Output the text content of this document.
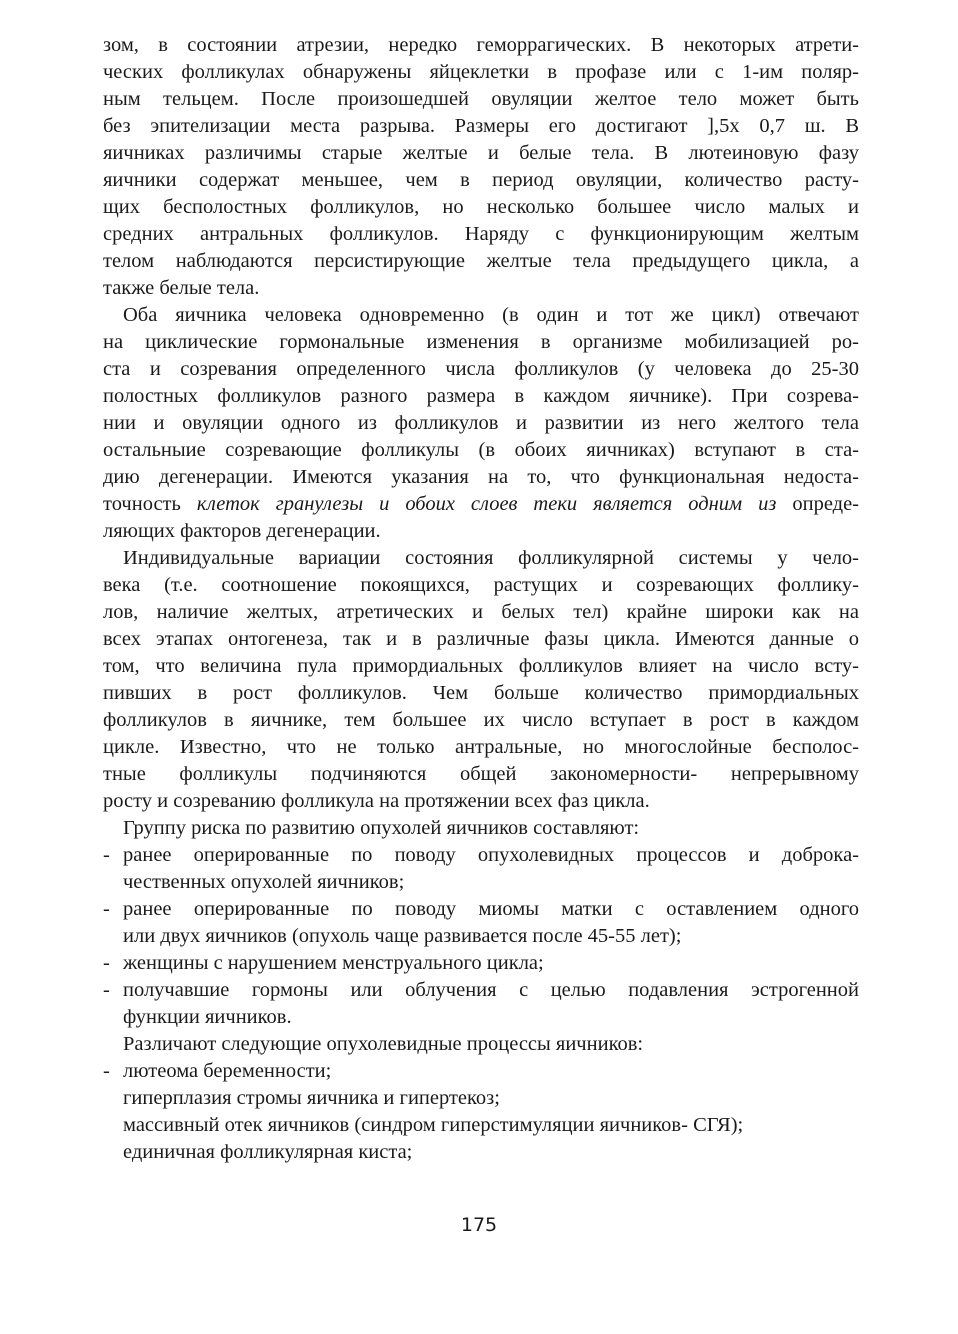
зом, в состоянии атрезии, нередко геморрагических. В некоторых атрети-
ческих фолликулах обнаружены яйцеклетки в профазе или с 1-им поляр-
ным тельцем. После произошедшей овуляции желтое тело может быть
без эпителизации места разрыва. Размеры его достигают ],5х 0,7 ш. В
яичниках различимы старые желтые и белые тела. В лютеиновую фазу
яичники содержат меньшее, чем в период овуляции, количество расту-
щих бесполостных фолликулов, но несколько большее число малых и
средних антральных фолликулов. Наряду с функционирующим желтым
телом наблюдаются персистирующие желтые тела предыдущего цикла, а
также белые тела.
Оба яичника человека одновременно (в один и тот же цикл) отвечают
на циклические гормональные изменения в организме мобилизацией ро-
ста и созревания определенного числа фолликулов (у человека до 25-30
полостных фолликулов разного размера в каждом яичнике). При созрева-
нии и овуляции одного из фолликулов и развитии из него желтого тела
остальныие созревающие фолликулы (в обоих яичниках) вступают в ста-
дию дегенерации. Имеются указания на то, что функциональная недоста-
точность клеток гранулезы и обоих слоев теки является одним из опреде-
ляющих факторов дегенерации.
Индивидуальные вариации состояния фолликулярной системы у чело-
века (т.е. соотношение покоящихся, растущих и созревающих фоллику-
лов, наличие желтых, атретических и белых тел) крайне широки как на
всех этапах онтогенеза, так и в различные фазы цикла. Имеются данные о
том, что величина пула примордиальных фолликулов влияет на число всту-
пивших в рост фолликулов. Чем больше количество примордиальных
фолликулов в яичнике, тем большее их число вступает в рост в каждом
цикле. Известно, что не только антральные, но многослойные бесполос-
тные фолликулы подчиняются общей закономерности- непрерывному
росту и созреванию фолликула на протяжении всех фаз цикла.
Группу риска по развитию опухолей яичников составляют:
- ранее оперированные по поводу опухолевидных процессов и доброка-
чественных опухолей яичников;
- ранее оперированные по поводу миомы матки с оставлением одного
или двух яичников (опухоль чаще развивается после 45-55 лет);
- женщины с нарушением менструального цикла;
- получавшие гормоны или облучения с целью подавления эстрогенной
функции яичников.
Различают следующие опухолевидные процессы яичников:
- лютеома беременности;
гиперплазия стромы яичника и гипертекоз;
массивный отек яичников (синдром гиперстимуляции яичников- СГЯ);
единичная фолликулярная киста;
175
